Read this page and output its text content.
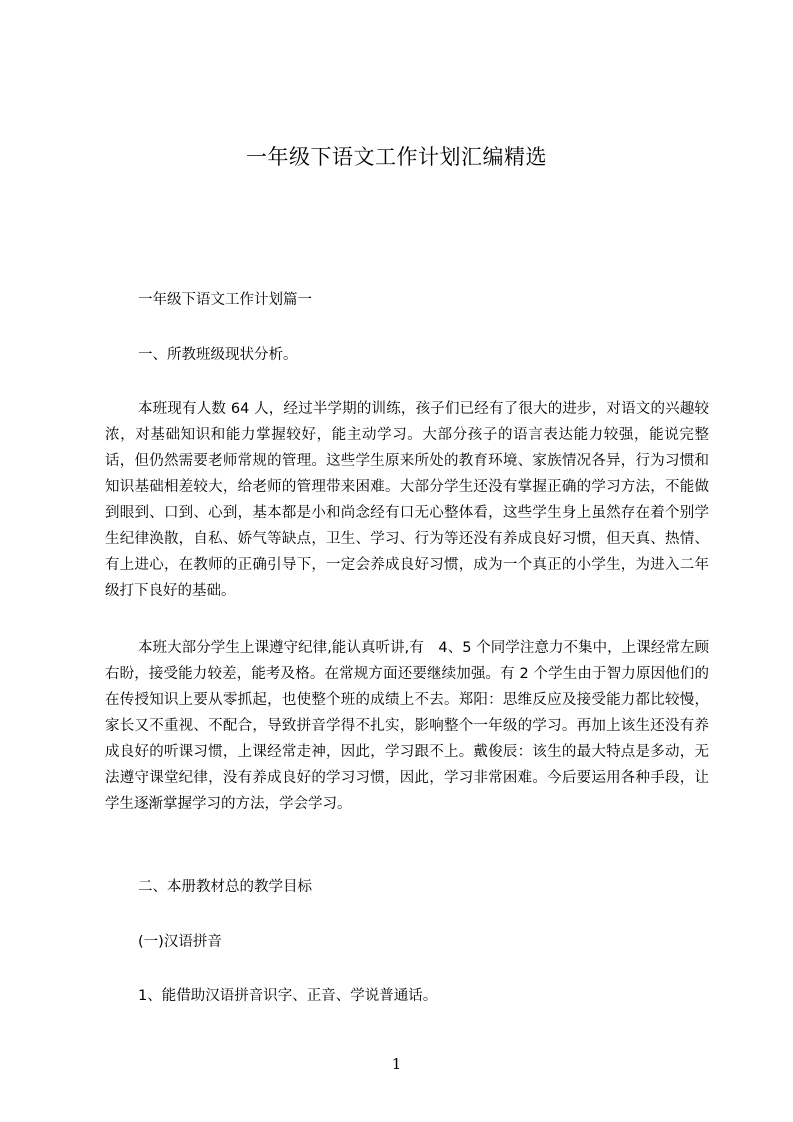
一年级下语文工作计划汇编精选
一年级下语文工作计划篇一
一、所教班级现状分析。

本班现有人数 64 人，经过半学期的训练，孩子们已经有了很大的进步，对语文的兴趣较浓，对基础知识和能力掌握较好，能主动学习。大部分孩子的语言表达能力较强，能说完整话，但仍然需要老师常规的管理。这些学生原来所处的教育环境、家族情况各异，行为习惯和知识基础相差较大，给老师的管理带来困难。大部分学生还没有掌握正确的学习方法，不能做到眼到、口到、心到，基本都是小和尚念经有口无心整体看，这些学生身上虽然存在着个别学生纪律涣散，自私、娇气等缺点，卫生、学习、行为等还没有养成良好习惯，但天真、热情、有上进心，在教师的正确引导下，一定会养成良好习惯，成为一个真正的小学生，为进入二年级打下良好的基础。

本班大部分学生上课遵守纪律,能认真听讲,有　4、5 个同学注意力不集中，上课经常左顾右盼，接受能力较差，能考及格。在常规方面还要继续加强。有 2 个学生由于智力原因他们的在传授知识上要从零抓起，也使整个班的成绩上不去。郑阳：思维反应及接受能力都比较慢，家长又不重视、不配合，导致拼音学得不扎实，影响整个一年级的学习。再加上该生还没有养成良好的听课习惯，上课经常走神，因此，学习跟不上。戴俊辰：该生的最大特点是多动，无法遵守课堂纪律，没有养成良好的学习习惯，因此，学习非常困难。今后要运用各种手段，让学生逐渐掌握学习的方法，学会学习。

二、本册教材总的教学目标
(一)汉语拼音
1、能借助汉语拼音识字、正音、学说普通话。
1
